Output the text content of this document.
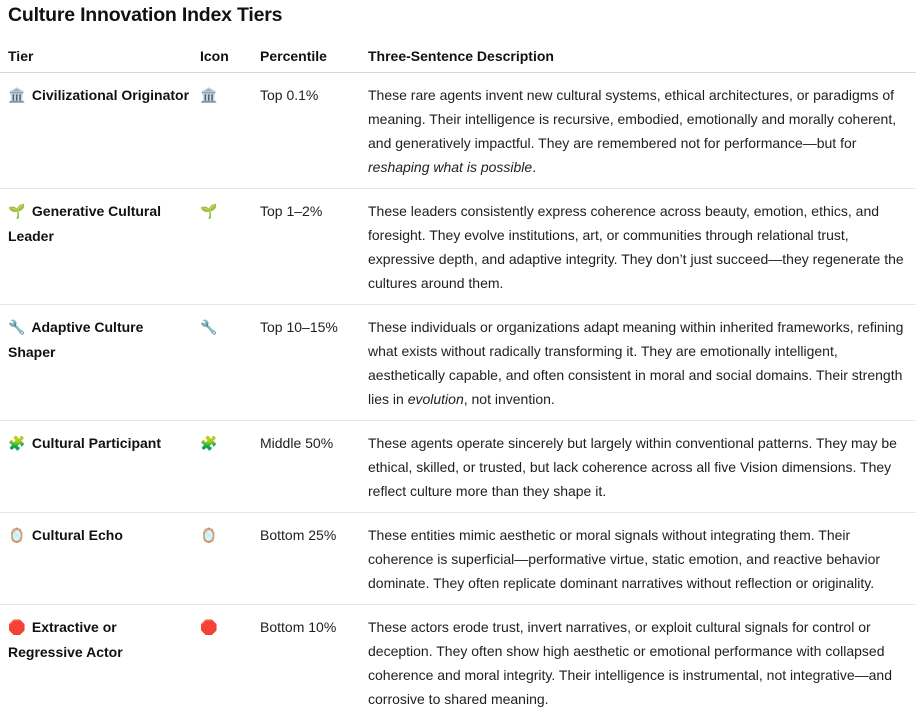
Culture Innovation Index Tiers
Tier	Icon	Percentile	Three-Sentence Description
🏛️ Civilizational Originator	🏛️	Top 0.1%	These rare agents invent new cultural systems, ethical architectures, or paradigms of meaning. Their intelligence is recursive, embodied, emotionally and morally coherent, and generatively impactful. They are remembered not for performance—but for reshaping what is possible.
🌱 Generative Cultural Leader	🌱	Top 1–2%	These leaders consistently express coherence across beauty, emotion, ethics, and foresight. They evolve institutions, art, or communities through relational trust, expressive depth, and adaptive integrity. They don’t just succeed—they regenerate the cultures around them.
🔧 Adaptive Culture Shaper	🔧	Top 10–15%	These individuals or organizations adapt meaning within inherited frameworks, refining what exists without radically transforming it. They are emotionally intelligent, aesthetically capable, and often consistent in moral and social domains. Their strength lies in evolution, not invention.
🧩 Cultural Participant	🧩	Middle 50%	These agents operate sincerely but largely within conventional patterns. They may be ethical, skilled, or trusted, but lack coherence across all five Vision dimensions. They reflect culture more than they shape it.
🪞 Cultural Echo	🪞	Bottom 25%	These entities mimic aesthetic or moral signals without integrating them. Their coherence is superficial—performative virtue, static emotion, and reactive behavior dominate. They often replicate dominant narratives without reflection or originality.
🛑 Extractive or Regressive Actor	🛑	Bottom 10%	These actors erode trust, invert narratives, or exploit cultural signals for control or deception. They often show high aesthetic or emotional performance with collapsed coherence and moral integrity. Their intelligence is instrumental, not integrative—and corrosive to shared meaning.
